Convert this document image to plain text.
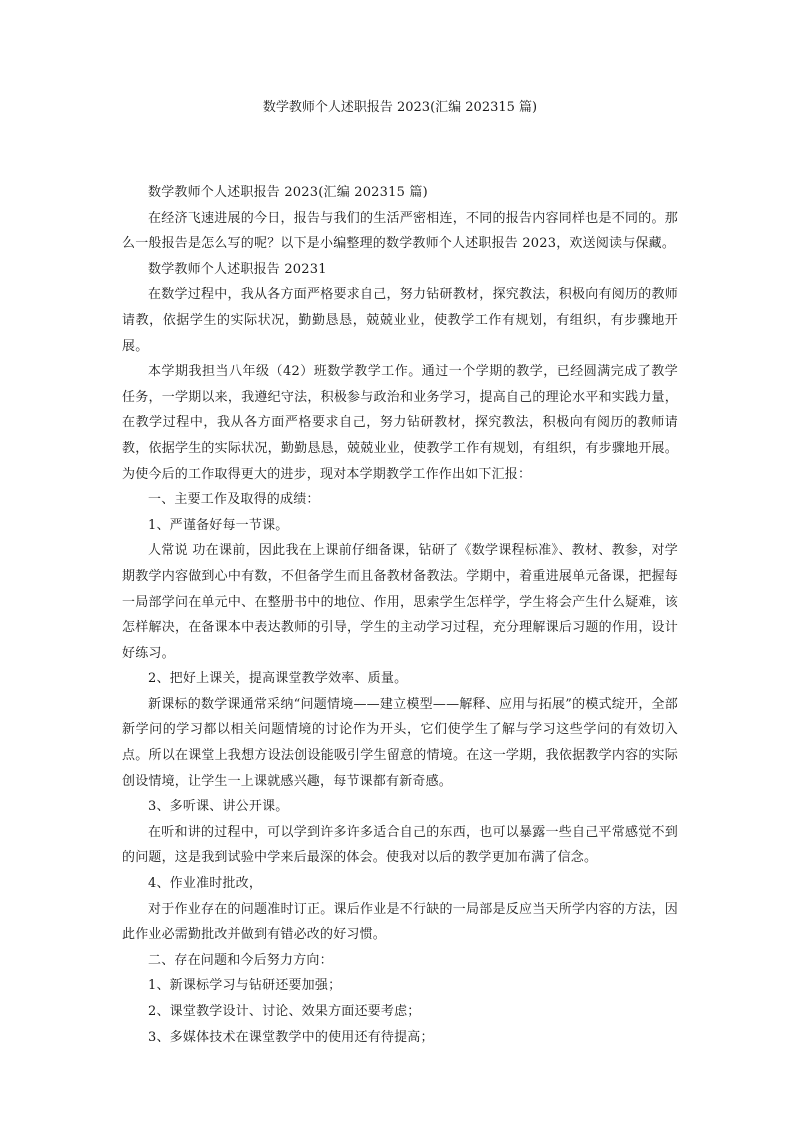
数学教师个人述职报告 2023(汇编 202315 篇)

数学教师个人述职报告 2023(汇编 202315 篇)

在经济飞速进展的今日，报告与我们的生活严密相连，不同的报告内容同样也是不同的。那么一般报告是怎么写的呢？以下是小编整理的数学教师个人述职报告 2023，欢送阅读与保藏。

数学教师个人述职报告 20231

在数学过程中，我从各方面严格要求自己，努力钻研教材，探究教法，积极向有阅历的教师请教，依据学生的实际状况，勤勤恳恳，兢兢业业，使教学工作有规划，有组织，有步骤地开展。

本学期我担当八年级（42）班数学教学工作。通过一个学期的教学，已经圆满完成了教学任务，一学期以来，我遵纪守法，积极参与政治和业务学习，提高自己的理论水平和实践力量，在教学过程中，我从各方面严格要求自己，努力钻研教材，探究教法，积极向有阅历的教师请教，依据学生的实际状况，勤勤恳恳，兢兢业业，使教学工作有规划，有组织，有步骤地开展。为使今后的工作取得更大的进步，现对本学期教学工作作出如下汇报：

一、主要工作及取得的成绩：

1、严谨备好每一节课。

人常说 功在课前，因此我在上课前仔细备课，钻研了《数学课程标准》、教材、教参，对学期教学内容做到心中有数，不但备学生而且备教材备教法。学期中，着重进展单元备课，把握每一局部学问在单元中、在整册书中的地位、作用，思索学生怎样学，学生将会产生什么疑难，该怎样解决，在备课本中表达教师的引导，学生的主动学习过程，充分理解课后习题的作用，设计好练习。

2、把好上课关，提高课堂教学效率、质量。

新课标的数学课通常采纳“问题情境——建立模型——解释、应用与拓展”的模式绽开，全部新学问的学习都以相关问题情境的讨论作为开头，它们使学生了解与学习这些学问的有效切入点。所以在课堂上我想方设法创设能吸引学生留意的情境。在这一学期，我依据教学内容的实际创设情境，让学生一上课就感兴趣，每节课都有新奇感。

3、多听课、讲公开课。

在听和讲的过程中，可以学到许多许多适合自己的东西，也可以暴露一些自己平常感觉不到的问题，这是我到试验中学来后最深的体会。使我对以后的教学更加布满了信念。

4、作业准时批改，

对于作业存在的问题准时订正。课后作业是不行缺的一局部是反应当天所学内容的方法，因此作业必需勤批改并做到有错必改的好习惯。

二、存在问题和今后努力方向：

1、新课标学习与钻研还要加强；

2、课堂教学设计、讨论、效果方面还要考虑；

3、多媒体技术在课堂教学中的使用还有待提高；
